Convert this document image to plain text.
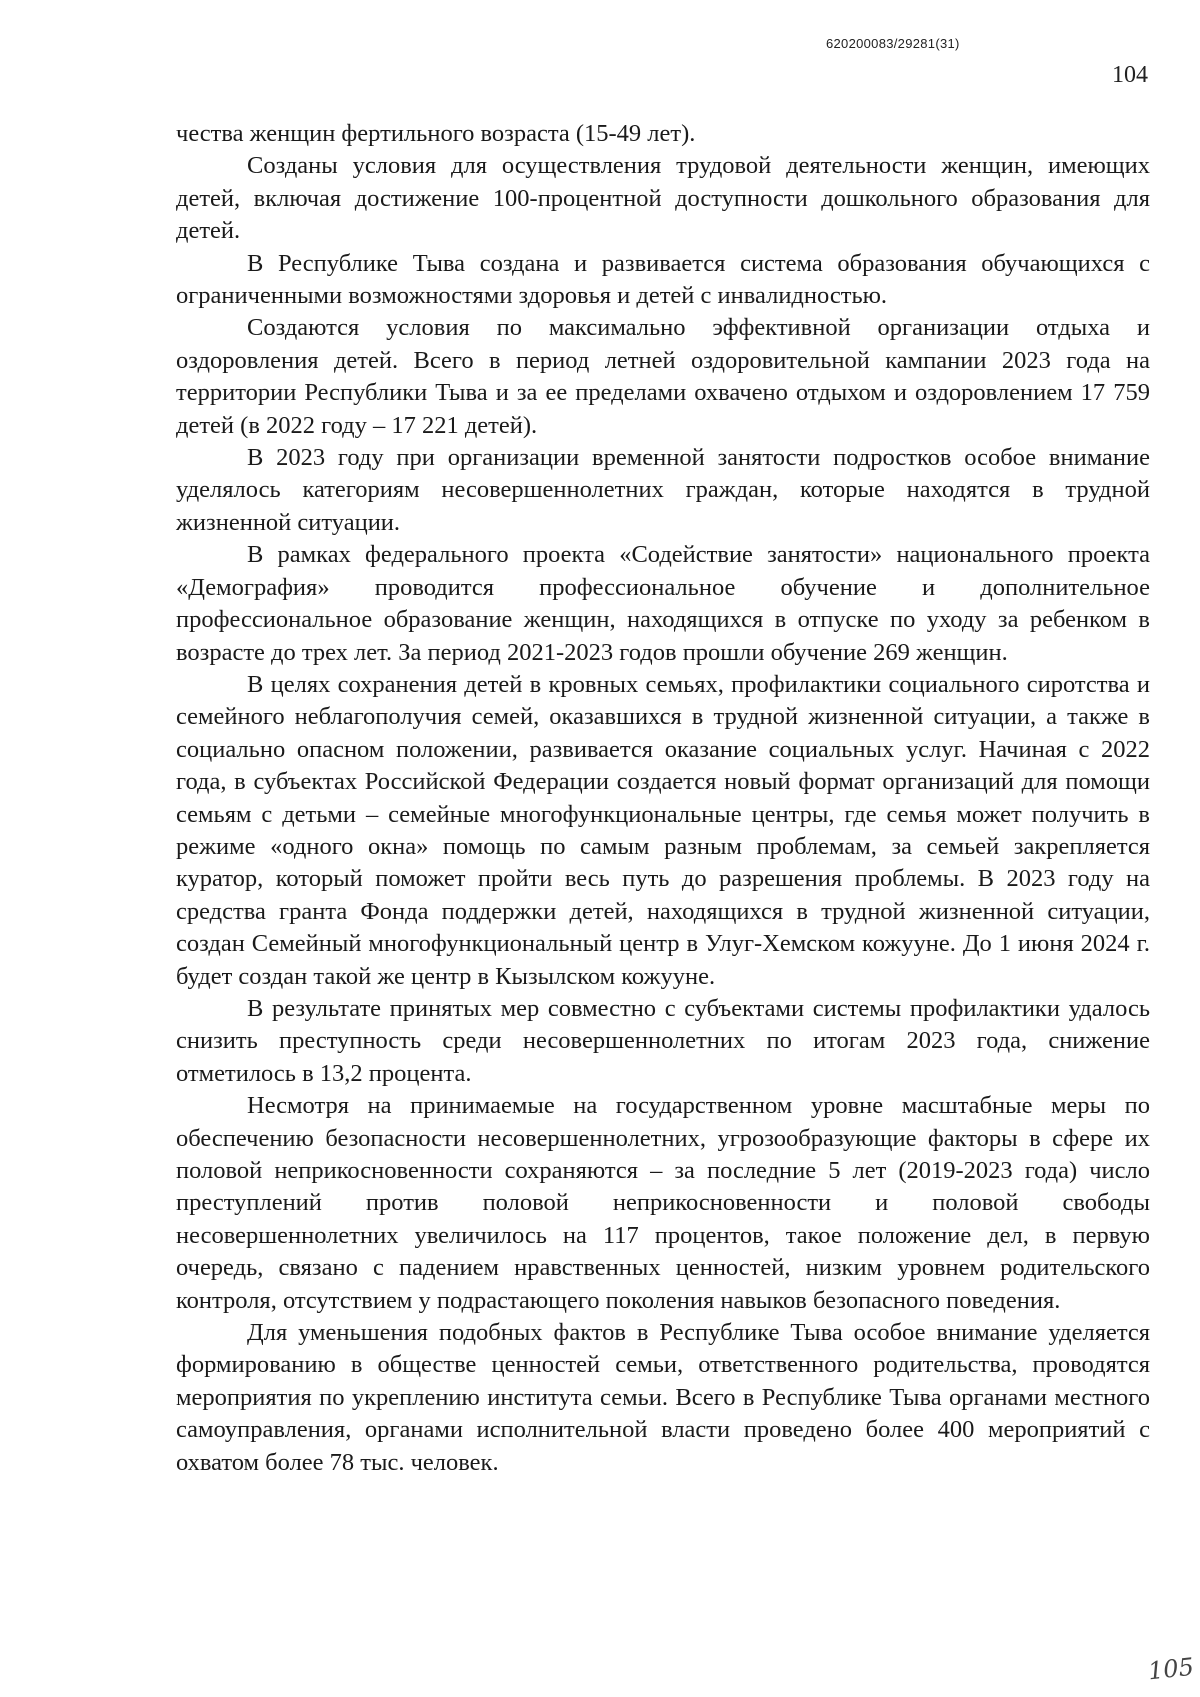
620200083/29281(31)
104

чества женщин фертильного возраста (15-49 лет).

Созданы условия для осуществления трудовой деятельности женщин, имеющих детей, включая достижение 100-процентной доступности дошкольного образования для детей.

В Республике Тыва создана и развивается система образования обучающихся с ограниченными возможностями здоровья и детей с инвалидностью.

Создаются условия по максимально эффективной организации отдыха и оздоровления детей. Всего в период летней оздоровительной кампании 2023 года на территории Республики Тыва и за ее пределами охвачено отдыхом и оздоровлением 17 759 детей (в 2022 году – 17 221 детей).

В 2023 году при организации временной занятости подростков особое внимание уделялось категориям несовершеннолетних граждан, которые находятся в трудной жизненной ситуации.

В рамках федерального проекта «Содействие занятости» национального проекта «Демография» проводится профессиональное обучение и дополнительное профессиональное образование женщин, находящихся в отпуске по уходу за ребенком в возрасте до трех лет. За период 2021-2023 годов прошли обучение 269 женщин.

В целях сохранения детей в кровных семьях, профилактики социального сиротства и семейного неблагополучия семей, оказавшихся в трудной жизненной ситуации, а также в социально опасном положении, развивается оказание социальных услуг. Начиная с 2022 года, в субъектах Российской Федерации создается новый формат организаций для помощи семьям с детьми – семейные многофункциональные центры, где семья может получить в режиме «одного окна» помощь по самым разным проблемам, за семьей закрепляется куратор, который поможет пройти весь путь до разрешения проблемы. В 2023 году на средства гранта Фонда поддержки детей, находящихся в трудной жизненной ситуации, создан Семейный многофункциональный центр в Улуг-Хемском кожууне. До 1 июня 2024 г. будет создан такой же центр в Кызылском кожууне.

В результате принятых мер совместно с субъектами системы профилактики удалось снизить преступность среди несовершеннолетних по итогам 2023 года, снижение отметилось в 13,2 процента.

Несмотря на принимаемые на государственном уровне масштабные меры по обеспечению безопасности несовершеннолетних, угрозообразующие факторы в сфере их половой неприкосновенности сохраняются – за последние 5 лет (2019-2023 года) число преступлений против половой неприкосновенности и половой свободы несовершеннолетних увеличилось на 117 процентов, такое положение дел, в первую очередь, связано с падением нравственных ценностей, низким уровнем родительского контроля, отсутствием у подрастающего поколения навыков безопасного поведения.

Для уменьшения подобных фактов в Республике Тыва особое внимание уделяется формированию в обществе ценностей семьи, ответственного родительства, проводятся мероприятия по укреплению института семьи. Всего в Республике Тыва органами местного самоуправления, органами исполнительной власти проведено более 400 мероприятий с охватом более 78 тыс. человек.

105
